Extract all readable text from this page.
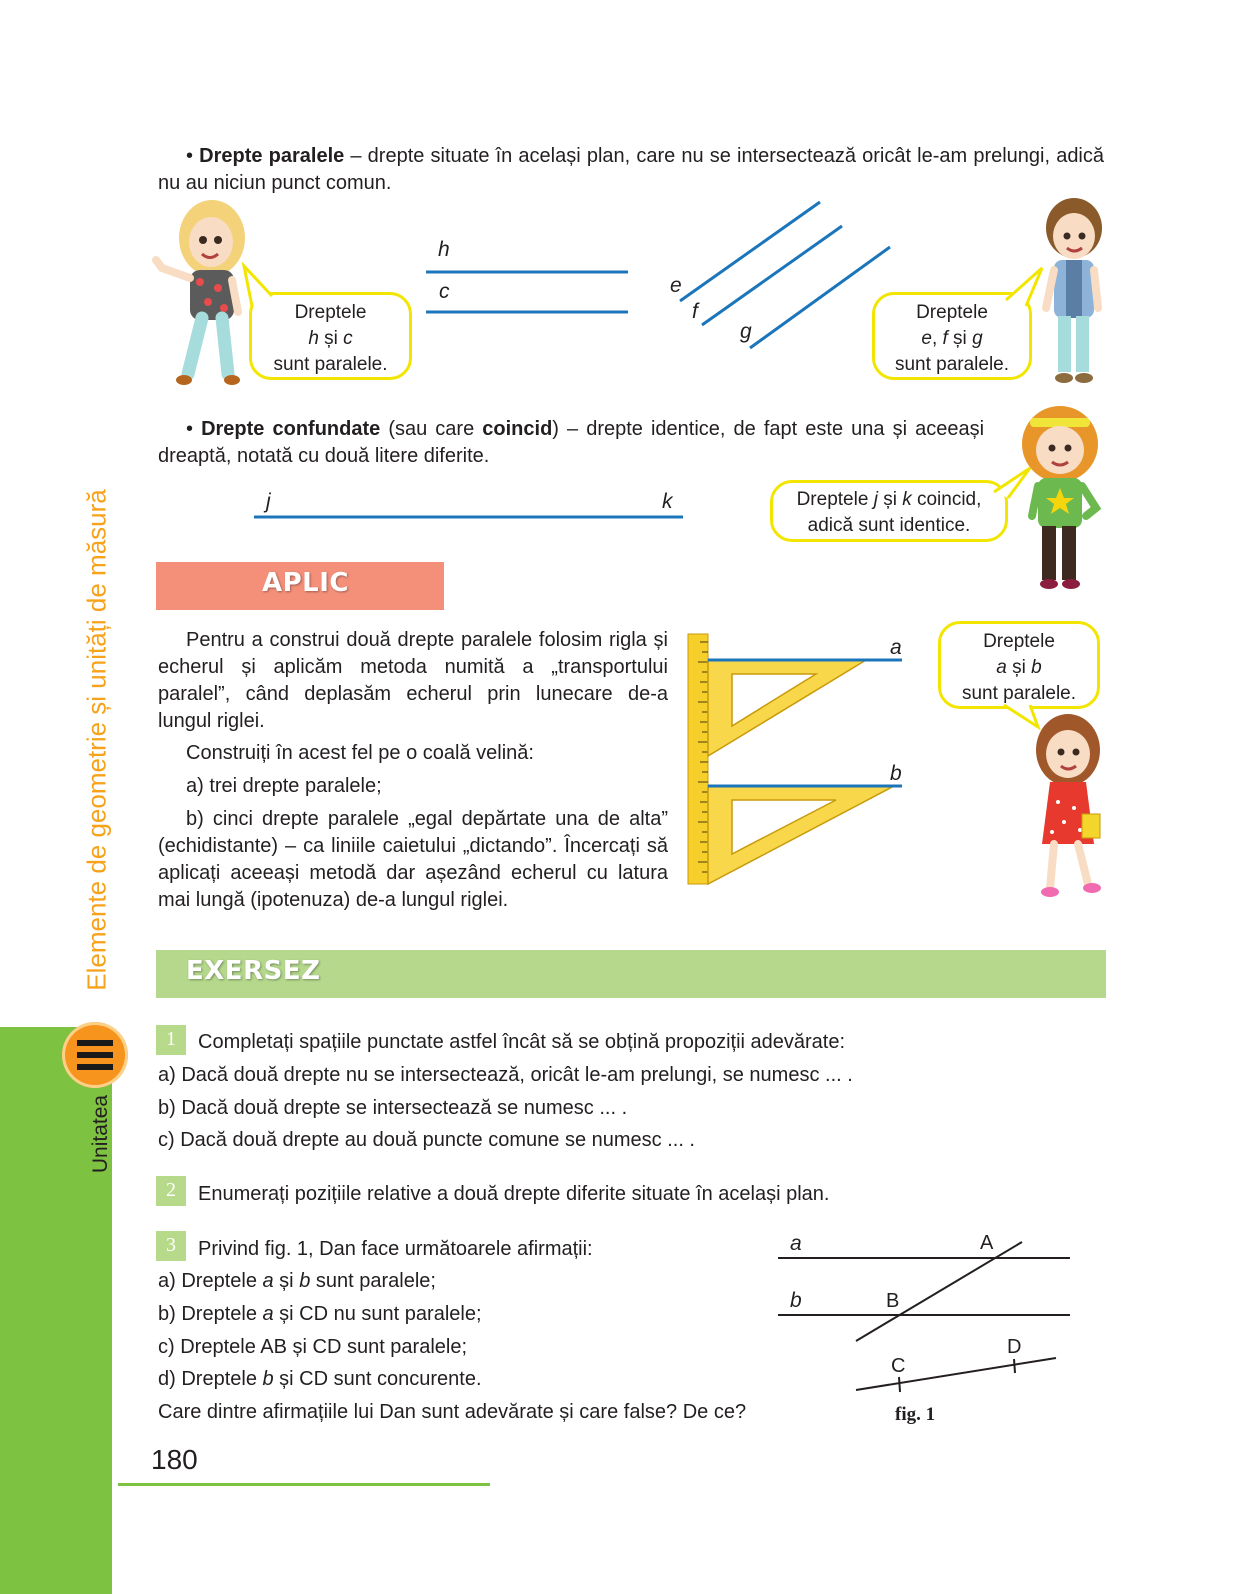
Unitatea
Elemente de geometrie și unități de măsură
• Drepte paralele – drepte situate în același plan, care nu se intersectează oricât le-am prelungi, adică nu au niciun punct comun.
Dreptele
h și c
sunt paralele.
h
c	e
f
g
Dreptele
e, f și g
sunt paralele.
• Drepte confundate (sau care coincid) – drepte identice, de fapt este una și aceeași dreaptă, notată cu două litere diferite.
j	k	Dreptele j și k coincid,
adică sunt identice.
APLIC
Pentru a construi două drepte paralele folosim rigla și echerul și aplicăm metoda numită a „transportului paralel”, când deplasăm echerul prin lunecare de-a lungul riglei.
Construiți în acest fel pe o coală velină:
a) trei drepte paralele;
b) cinci drepte paralele „egal depărtate una de alta” (echidistante) – ca liniile caietului „dictando”. Încercați să aplicați aceeași metodă dar așezând echerul cu latura mai lungă (ipotenuza) de-a lungul riglei.
a
b
Dreptele
a și b
sunt paralele.
EXERSEZ
1	Completați spațiile punctate astfel încât să se obțină propoziții adevărate:
a) Dacă două drepte nu se intersectează, oricât le-am prelungi, se numesc ... .
b) Dacă două drepte se intersectează se numesc ... .
c) Dacă două drepte au două puncte comune se numesc ... .
2	Enumerați pozițiile relative a două drepte diferite situate în același plan.
3	Privind fig. 1, Dan face următoarele afirmații:
a) Dreptele a și b sunt paralele;
b) Dreptele a și CD nu sunt paralele;
c) Dreptele AB și CD sunt paralele;
d) Dreptele b și CD sunt concurente.
Care dintre afirmațiile lui Dan sunt adevărate și care false? De ce?
a
b
A
B
C
D
fig. 1
180
